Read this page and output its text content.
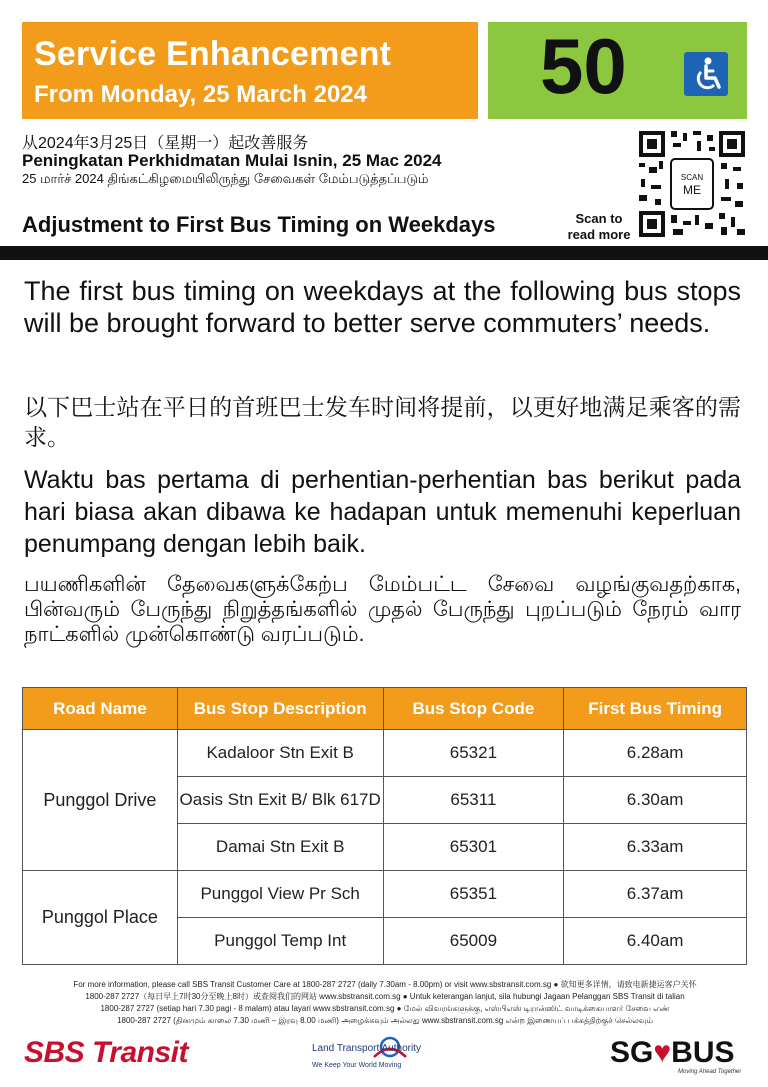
Service Enhancement
From Monday, 25 March 2024 50
从2024年3月25日（星期一）起改善服务
Peningkatan Perkhidmatan Mulai Isnin, 25 Mac 2024
25 மார்ச் 2024 திங்கட்கிழமையிலிருந்து சேவைகள் மேம்படுத்தப்படும்
Adjustment to First Bus Timing on Weekdays	Scan to read more
SCAN
ME
The first bus timing on weekdays at the following bus stops will be brought forward to better serve commuters’ needs.
以下巴士站在平日的首班巴士发车时间将提前，以更好地满足乘客的需求。
Waktu bas pertama di perhentian-perhentian bas berikut pada hari biasa akan dibawa ke hadapan untuk memenuhi keperluan penumpang dengan lebih baik.
பயணிகளின் தேவைகளுக்கேற்ப மேம்பட்ட சேவை வழங்குவதற்காக, பின்வரும் பேருந்து நிறுத்தங்களில் முதல் பேருந்து புறப்படும் நேரம் வார நாட்களில் முன்கொண்டு வரப்படும்.
Road Name	Bus Stop Description	Bus Stop Code	First Bus Timing
Punggol Drive	Kadaloor Stn Exit B	65321	6.28am
	Oasis Stn Exit B/ Blk 617D	65311	6.30am
	Damai Stn Exit B	65301	6.33am
Punggol Place	Punggol View Pr Sch	65351	6.37am
	Punggol Temp Int	65009	6.40am
For more information, please call SBS Transit Customer Care at 1800-287 2727 (daily 7.30am - 8.00pm) or visit www.sbstransit.com.sg ● 欲知更多详情，请致电新捷运客户关怀
1800-287 2727（每日早上7时30分至晚上8时）或查阅我们的网站 www.sbstransit.com.sg ● Untuk keterangan lanjut, sila hubungi Jagaan Pelanggan SBS Transit di talian
1800-287 2727 (setiap hari 7.30 pagi - 8 malam) atau layari www.sbstransit.com.sg ● மேல் விவரங்களுக்கு, எஸ்பிஎஸ் டிரான்ஸிட் வாடிக்கையாளர் சேவை எண்
1800-287 2727 (தினமும் காலை 7.30 மணி – இரவு 8.00 மணி) அழைக்கவும் அல்லது www.sbstransit.com.sg என்ற இணையப் பக்கத்திற்குச் செல்லவும்
SBS Transit	Land Transport Authority
We Keep Your World Moving	SG♥BUS
Moving Ahead Together
